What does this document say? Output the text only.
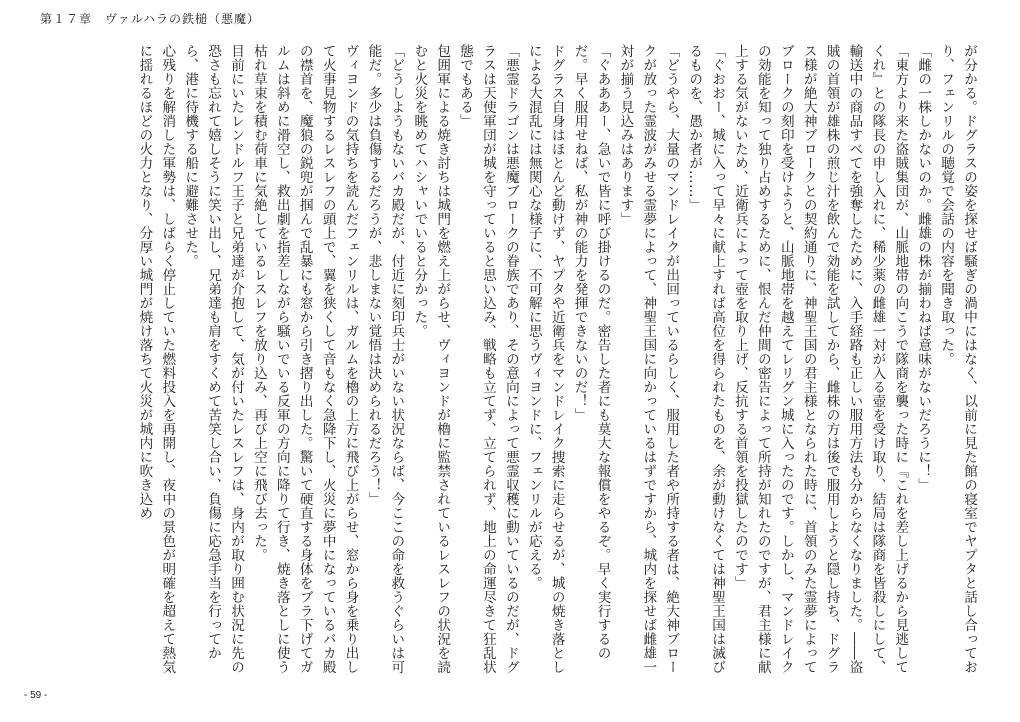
第１７章　ヴァルハラの鉄槌（悪魔）

が分かる。ドグラスの姿を探せば騒ぎの渦中にはなく、以前に見た館の寝室でヤプタと話し合っており、フェンリルの聴覚で会話の内容を聞き取った。

「雌の一株しかないのか。雌雄の株が揃わねば意味がないだろうに！」

「東方より来た盗賊集団が、山脈地帯の向こうで隊商を襲った時に『これを差し上げるから見逃してくれ』との隊長の申し入れに、稀少薬の雌雄一対が入る壺を受け取り、結局は隊商を皆殺しにして、輸送中の商品すべてを強奪したために、入手経路も正しい服用方法も分からなくなりました。――盗賊の首領が雄株の煎じ汁を飲んで効能を試してから、雌株の方は後で服用しようと隠し持ち、ドグラス様が絶大神ブロークとの契約通りに、神聖王国の君主様となられた時に、首領のみた霊夢によってブロークの刻印を受けようと、山脈地帯を越えてレリグン城に入ったのです。しかし、マンドレイクの効能を知って独り占めするために、恨んだ仲間の密告によって所持が知れたのですが、君主様に献上する気がないため、近衛兵によって壺を取り上げ、反抗する首領を投獄したのです」

「ぐおおー、城に入って早々に献上すれば高位を得られたものを、余が動けなくては神聖王国は滅びるものを、愚か者が……」

「どうやら、大量のマンドレイクが出回っているらしく、服用した者や所持する者は、絶大神ブロークが放った霊波がみせる霊夢によって、神聖王国に向かっているはずですから、城内を探せば雌雄一対が揃う見込みはあります」

「ぐあああー、急いで皆に呼び掛けるのだ。密告した者にも莫大な報償をやるぞ。早く実行するのだ。早く服用せねば、私が神の能力を発揮できないのだ！」

ドグラス自身はほとんど動けず、ヤプタや近衛兵をマンドレイク捜索に走らせるが、城の焼き落としによる大混乱には無関心な様子に、不可解に思うヴィヨンドに、フェンリルが応える。

「悪霊ドラゴンは悪魔ブロークの眷族であり、その意向によって悪霊収穫に動いているのだが、ドグラスは天使軍団が城を守っていると思い込み、戦略も立てず、立てられず、地上の命運尽きて狂乱状態でもある」

包囲軍による焼き討ちは城門を燃え上がらせ、ヴィヨンドが櫓に監禁されているレスレフの状況を読むと火災を眺めてハシャいでいると分かった。

「どうしようもないバカ殿だが、付近に刻印兵士がいない状況ならば、今ここの命を救うぐらいは可能だ。多少は負傷するだろうが、悲しまない覚悟は決められるだろう！」

ヴィヨンドの気持ちを読んだフェンリルは、ガルムを櫓の上方に飛び上がらせ、窓から身を乗り出して火事見物するレスレフの頭上で、翼を狭くして音もなく急降下し、火災に夢中になっているバカ殿の襟首を、魔狼の鋭兜が掴んで乱暴にも窓から引き摺り出した。驚いて硬直する身体をブラ下げてガルムは斜めに滑空し、救出劇を指差しながら騒いでいる反軍の方向に降りて行き、焼き落としに使う枯れ草束を積む荷車に気絶しているレスレフを放り込み、再び上空に飛び去った。

目前にいたレンドルフ王子と兄弟達が介抱して、気が付いたレスレフは、身内が取り囲む状況に先の恐さも忘れて嬉しそうに笑い出し、兄弟達も肩をすくめて苦笑し合い、負傷に応急手当を行ってから、港に待機する船に避難させた。

心残りを解消した軍勢は、しばらく停止していた燃料投入を再開し、夜中の景色が明確を超えて熱気に揺れるほどの火力となり、分厚い城門が焼け落ちて火災が城内に吹き込め

- 59 -
